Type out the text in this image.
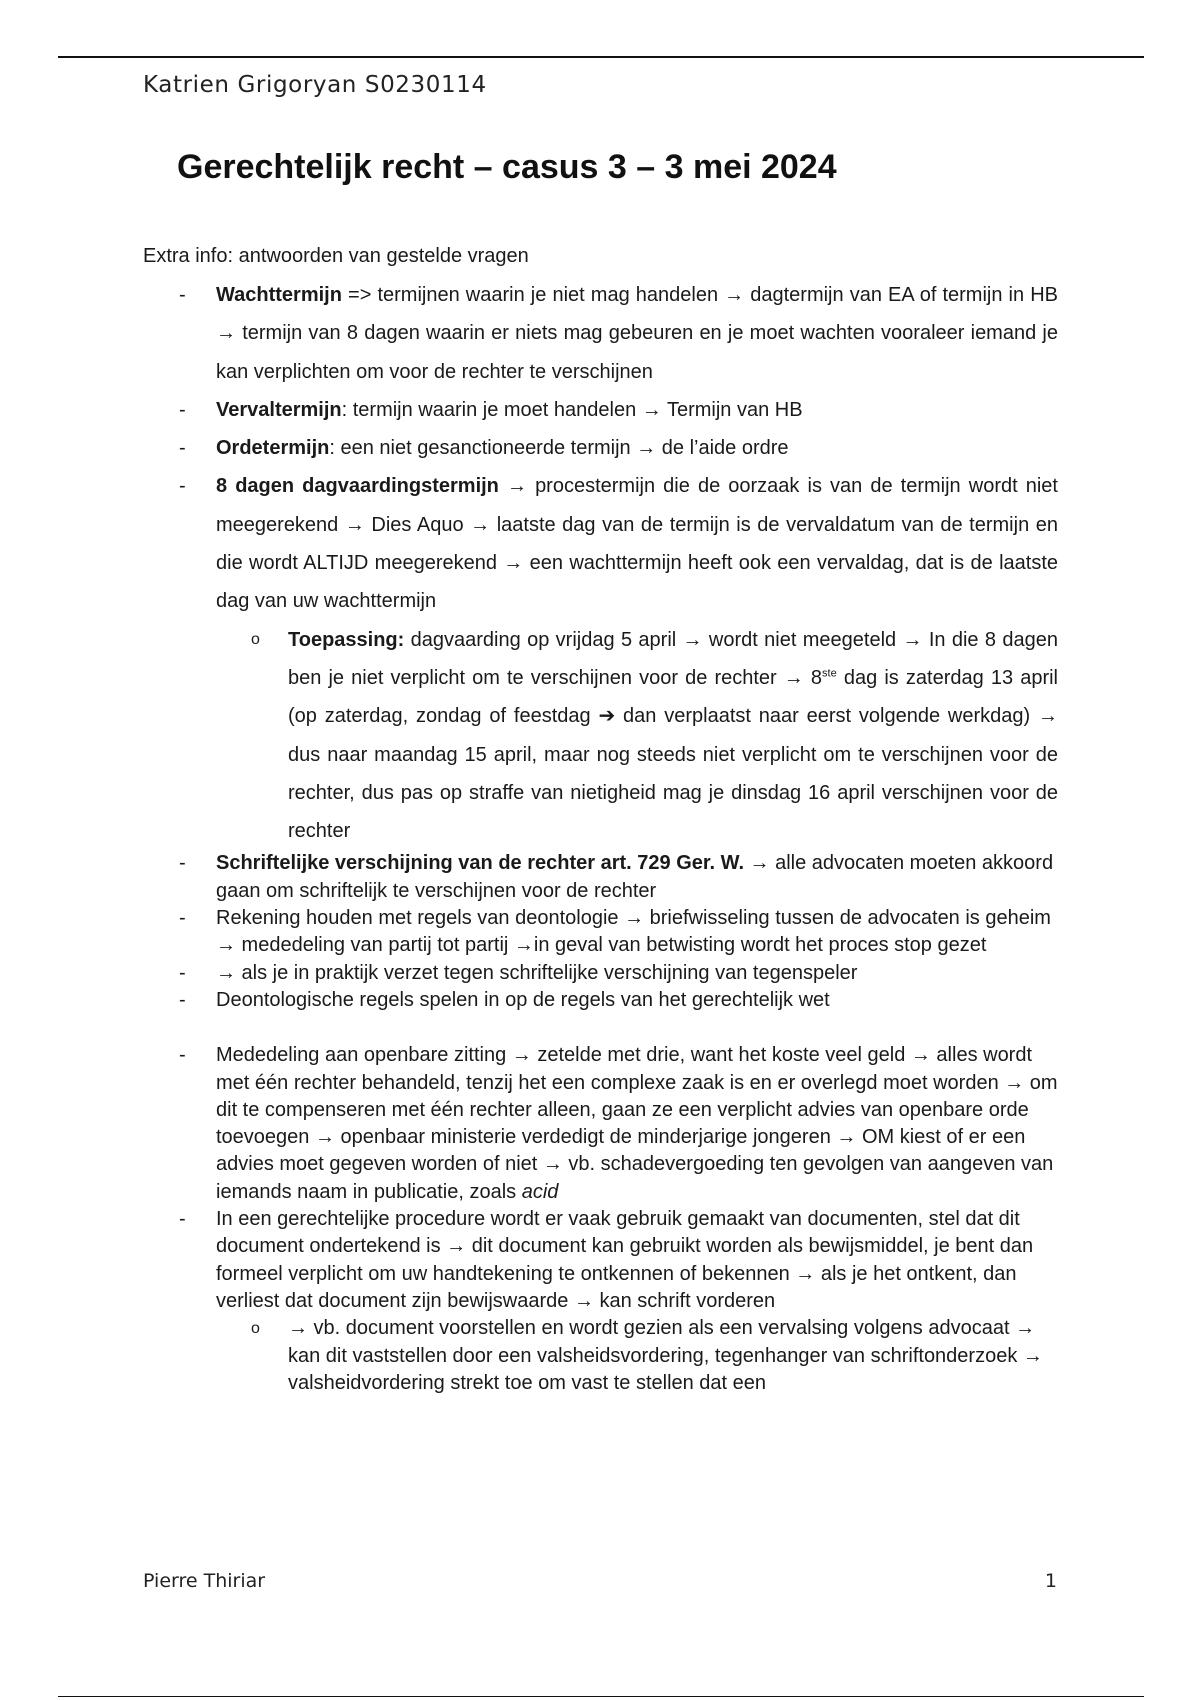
Katrien Grigoryan S0230114
Gerechtelijk recht – casus 3 – 3 mei 2024

Extra info: antwoorden van gestelde vragen

- Wachttermijn => termijnen waarin je niet mag handelen → dagtermijn van EA of termijn in HB → termijn van 8 dagen waarin er niets mag gebeuren en je moet wachten vooraleer iemand je kan verplichten om voor de rechter te verschijnen
- Vervaltermijn: termijn waarin je moet handelen → Termijn van HB
- Ordetermijn: een niet gesanctioneerde termijn → de l’aide ordre
- 8 dagen dagvaardingstermijn → procestermijn die de oorzaak is van de termijn wordt niet meegerekend → Dies Aquo → laatste dag van de termijn is de vervaldatum van de termijn en die wordt ALTIJD meegerekend → een wachttermijn heeft ook een vervaldag, dat is de laatste dag van uw wachttermijn
o Toepassing: dagvaarding op vrijdag 5 april → wordt niet meegeteld → In die 8 dagen ben je niet verplicht om te verschijnen voor de rechter → 8ste dag is zaterdag 13 april (op zaterdag, zondag of feestdag ➔ dan verplaatst naar eerst volgende werkdag) → dus naar maandag 15 april, maar nog steeds niet verplicht om te verschijnen voor de rechter, dus pas op straffe van nietigheid mag je dinsdag 16 april verschijnen voor de rechter
- Schriftelijke verschijning van de rechter art. 729 Ger. W. → alle advocaten moeten akkoord gaan om schriftelijk te verschijnen voor de rechter
- Rekening houden met regels van deontologie → briefwisseling tussen de advocaten is geheim → mededeling van partij tot partij →in geval van betwisting wordt het proces stop gezet
- → als je in praktijk verzet tegen schriftelijke verschijning van tegenspeler
- Deontologische regels spelen in op de regels van het gerechtelijk wet
- Mededeling aan openbare zitting → zetelde met drie, want het koste veel geld → alles wordt met één rechter behandeld, tenzij het een complexe zaak is en er overlegd moet worden → om dit te compenseren met één rechter alleen, gaan ze een verplicht advies van openbare orde toevoegen → openbaar ministerie verdedigt de minderjarige jongeren → OM kiest of er een advies moet gegeven worden of niet → vb. schadevergoeding ten gevolgen van aangeven van iemands naam in publicatie, zoals acid
- In een gerechtelijke procedure wordt er vaak gebruik gemaakt van documenten, stel dat dit document ondertekend is → dit document kan gebruikt worden als bewijsmiddel, je bent dan formeel verplicht om uw handtekening te ontkennen of bekennen → als je het ontkent, dan verliest dat document zijn bewijswaarde → kan schrift vorderen
o → vb. document voorstellen en wordt gezien als een vervalsing volgens advocaat → kan dit vaststellen door een valsheidsvordering, tegenhanger van schriftonderzoek → valsheidvordering strekt toe om vast te stellen dat een
Pierre Thiriar	1
